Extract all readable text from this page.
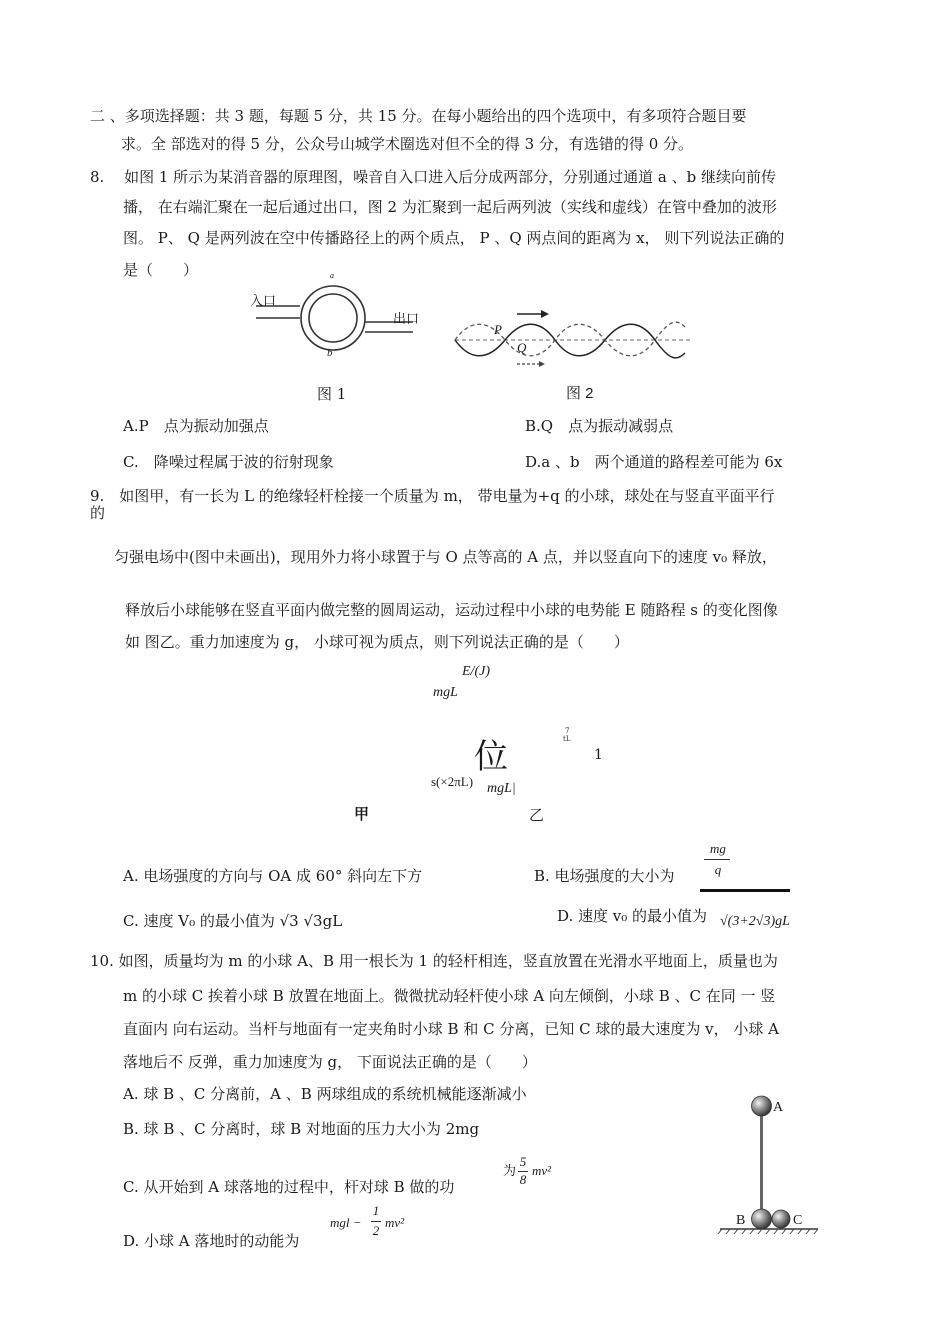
二 、多项选择题：共 3 题，每题 5 分，共 15 分。在每小题给出的四个选项中，有多项符合题目要
求。全 部选对的得 5 分，公众号山城学术圈选对但不全的得 3 分，有选错的得 0 分。
8.　 如图 1 所示为某消音器的原理图，噪音自入口进入后分成两部分，分别通过通道 a 、b 继续向前传
播， 在右端汇聚在一起后通过出口，图 2 为汇聚到一起后两列波（实线和虚线）在管中叠加的波形
图。 P、 Q 是两列波在空中传播路径上的两个质点， P 、Q 两点间的距离为 x， 则下列说法正确的
是（　　）
入口
出口
a
b
图 1
P
Q
图 2
A.P　点为振动加强点	B.Q　点为振动减弱点
C.　降噪过程属于波的衍射现象	D.a 、b　两个通道的路程差可能为 6x
9.　如图甲，有一长为 L 的绝缘轻杆栓接一个质量为 m， 带电量为+q 的小球，球处在与竖直平面平行
的
匀强电场中(图中未画出)，现用外力将小球置于与 O 点等高的 A 点，并以竖直向下的速度 v₀ 释放，
释放后小球能够在竖直平面内做完整的圆周运动，运动过程中小球的电势能 E 随路程 s 的变化图像
如 图乙。重力加速度为 g， 小球可视为质点，则下列说法正确的是（　　）
E/(J)
mgL
7
tL
位	1
s(×2πL) mgL|
甲	乙
A. 电场强度的方向与 OA 成 60° 斜向左下方	B. 电场强度的大小为
mg
q
C. 速度 V₀ 的最小值为 √3 √3gL	D. 速度 v₀ 的最小值为 √(3+2√3)gL
10. 如图，质量均为 m 的小球 A、B 用一根长为 1 的轻杆相连，竖直放置在光滑水平地面上，质量也为
m 的小球 C 挨着小球 B 放置在地面上。微微扰动轻杆使小球 A 向左倾倒，小球 B 、C 在同 一 竖
直面内 向右运动。当杆与地面有一定夹角时小球 B 和 C 分离，已知 C 球的最大速度为 v， 小球 A
落地后不 反弹，重力加速度为 g， 下面说法正确的是（　　）
A. 球 B 、C 分离前，A 、B 两球组成的系统机械能逐渐减小
B. 球 B 、C 分离时，球 B 对地面的压力大小为 2mg
C. 从开始到 A 球落地的过程中，杆对球 B 做的功
为
5
8
mv²
D. 小球 A 落地时的动能为
mgl −
1
2
mv²
A
B	C
